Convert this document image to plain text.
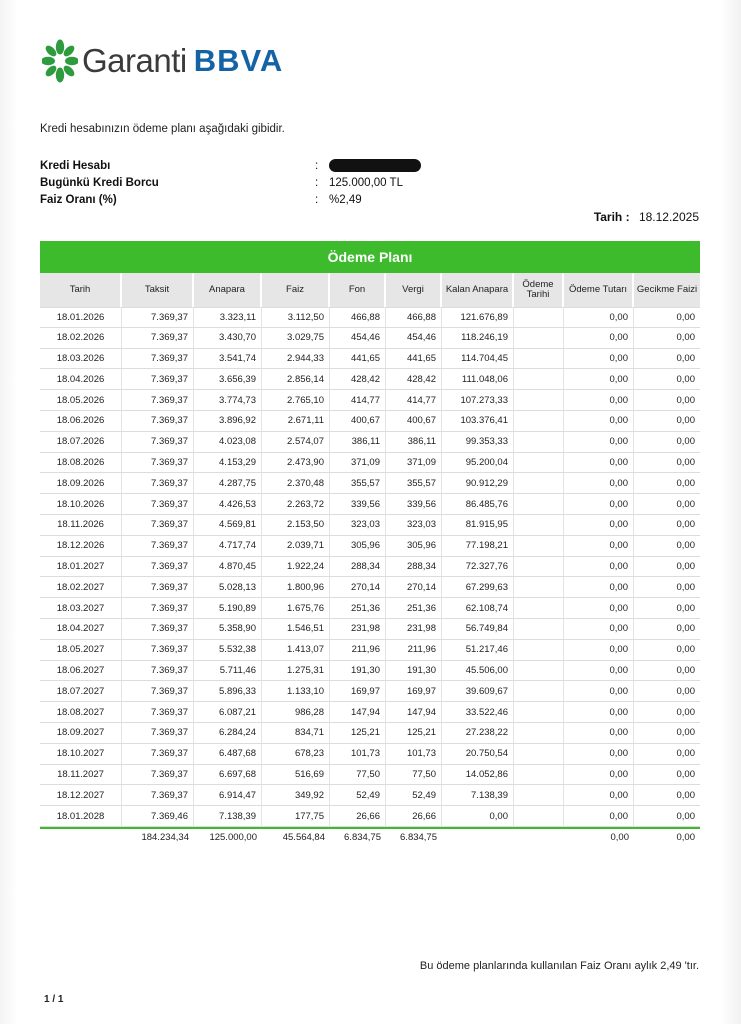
Garanti BBVA
Kredi hesabınızın ödeme planı aşağıdaki gibidir.
Kredi Hesabı	:
Bugünkü Kredi Borcu	: 125.000,00 TL
Faiz Oranı (%)	: %2,49
Tarih : 18.12.2025
Ödeme Planı
Tarih	Taksit	Anapara	Faiz	Fon	Vergi	Kalan Anapara	Ödeme Tarihi	Ödeme Tutarı	Gecikme Faizi
18.01.2026	7.369,37	3.323,11	3.112,50	466,88	466,88	121.676,89		0,00	0,00
18.02.2026	7.369,37	3.430,70	3.029,75	454,46	454,46	118.246,19		0,00	0,00
18.03.2026	7.369,37	3.541,74	2.944,33	441,65	441,65	114.704,45		0,00	0,00
18.04.2026	7.369,37	3.656,39	2.856,14	428,42	428,42	111.048,06		0,00	0,00
18.05.2026	7.369,37	3.774,73	2.765,10	414,77	414,77	107.273,33		0,00	0,00
18.06.2026	7.369,37	3.896,92	2.671,11	400,67	400,67	103.376,41		0,00	0,00
18.07.2026	7.369,37	4.023,08	2.574,07	386,11	386,11	99.353,33		0,00	0,00
18.08.2026	7.369,37	4.153,29	2.473,90	371,09	371,09	95.200,04		0,00	0,00
18.09.2026	7.369,37	4.287,75	2.370,48	355,57	355,57	90.912,29		0,00	0,00
18.10.2026	7.369,37	4.426,53	2.263,72	339,56	339,56	86.485,76		0,00	0,00
18.11.2026	7.369,37	4.569,81	2.153,50	323,03	323,03	81.915,95		0,00	0,00
18.12.2026	7.369,37	4.717,74	2.039,71	305,96	305,96	77.198,21		0,00	0,00
18.01.2027	7.369,37	4.870,45	1.922,24	288,34	288,34	72.327,76		0,00	0,00
18.02.2027	7.369,37	5.028,13	1.800,96	270,14	270,14	67.299,63		0,00	0,00
18.03.2027	7.369,37	5.190,89	1.675,76	251,36	251,36	62.108,74		0,00	0,00
18.04.2027	7.369,37	5.358,90	1.546,51	231,98	231,98	56.749,84		0,00	0,00
18.05.2027	7.369,37	5.532,38	1.413,07	211,96	211,96	51.217,46		0,00	0,00
18.06.2027	7.369,37	5.711,46	1.275,31	191,30	191,30	45.506,00		0,00	0,00
18.07.2027	7.369,37	5.896,33	1.133,10	169,97	169,97	39.609,67		0,00	0,00
18.08.2027	7.369,37	6.087,21	986,28	147,94	147,94	33.522,46		0,00	0,00
18.09.2027	7.369,37	6.284,24	834,71	125,21	125,21	27.238,22		0,00	0,00
18.10.2027	7.369,37	6.487,68	678,23	101,73	101,73	20.750,54		0,00	0,00
18.11.2027	7.369,37	6.697,68	516,69	77,50	77,50	14.052,86		0,00	0,00
18.12.2027	7.369,37	6.914,47	349,92	52,49	52,49	7.138,39		0,00	0,00
18.01.2028	7.369,46	7.138,39	177,75	26,66	26,66	0,00		0,00	0,00
	184.234,34	125.000,00	45.564,84	6.834,75	6.834,75			0,00	0,00
Bu ödeme planlarında kullanılan Faiz Oranı aylık 2,49 'tır.
1 / 1
